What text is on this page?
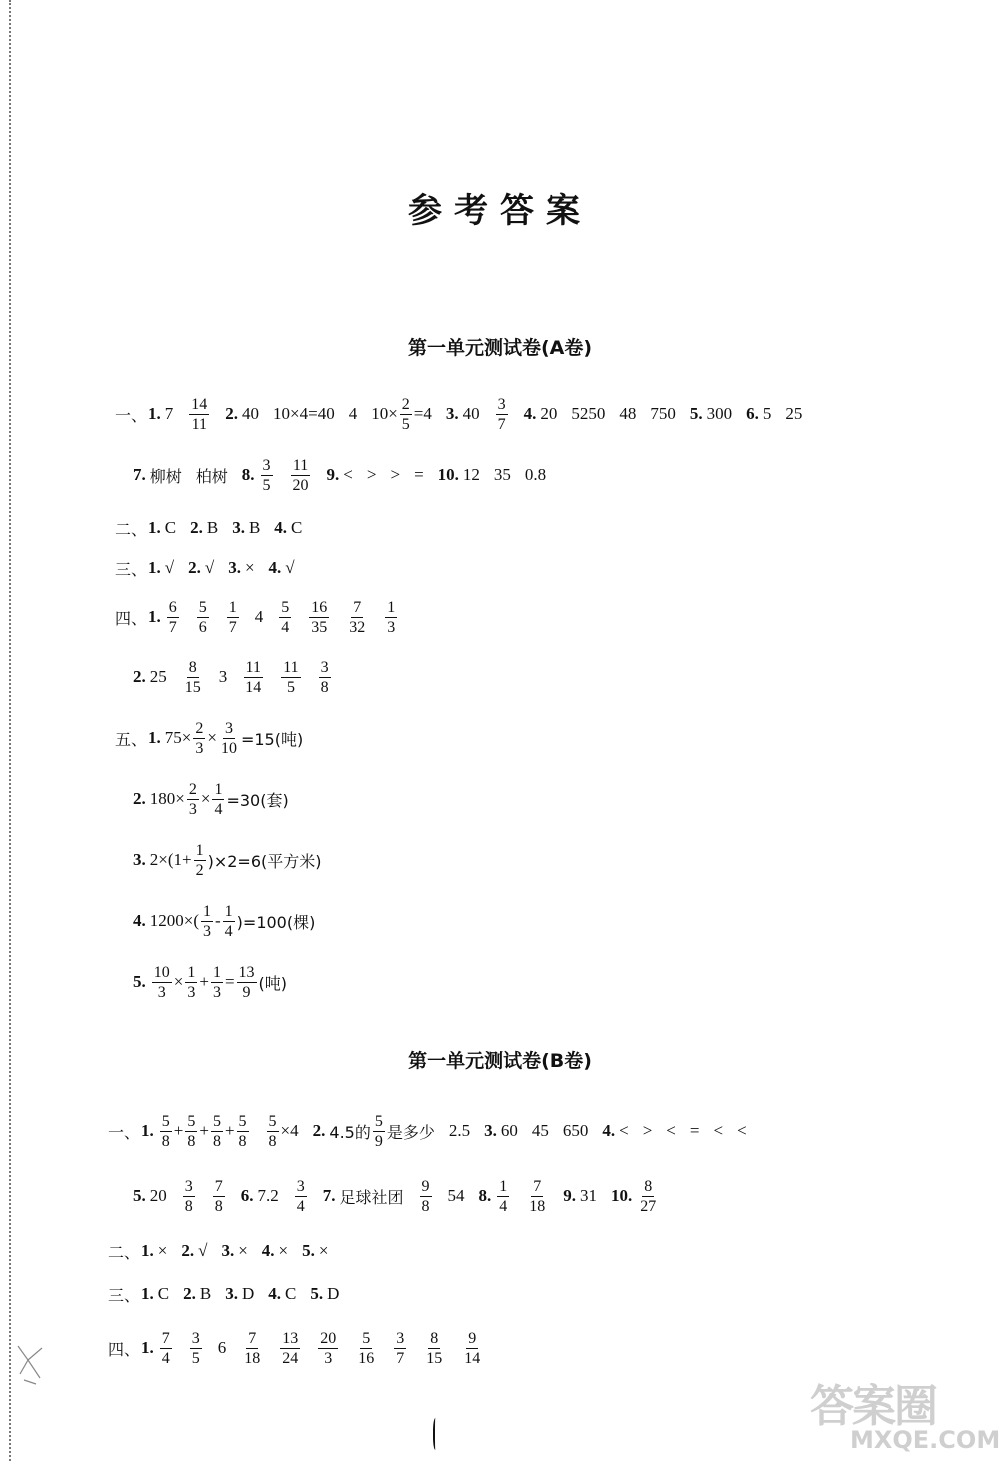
参考答案
第一单元测试卷(A卷)
一、 1. $7 \frac{14}{11} 2$. 40 10×4=40 4 $10\times \frac{2}{5} =4$ 3. $40 \frac{3}{7} 4$. 20 5250 48 750 5. 300 6. 5 25
7. 柳树 柏树 8. $\frac{3}{5} \frac{11}{20} 9$. < > > = 10. 12 35 0.8
二、 1. C 2. B 3. B 4. C
三、 1. √ 2. √ 3. × 4. √
四、 1. $\frac{6}{7} \frac{5}{6} \frac{1}{7} 4 \frac{5}{4} \frac{16}{35} \frac{7}{32} \frac{1}{3}$
2. $25 \frac{8}{15} 3 \frac{11}{14} \frac{11}{5} \frac{3}{8}$
五、 1. $75\times \frac{2}{3} \times \frac{3}{10} =15$(吨)
2. $180\times \frac{2}{3} \times \frac{1}{4} =30$(套)
3. $2\times(1+ \frac{1}{2} )\times 2=6$(平方米)
4. $1200\times( \frac{1}{3} - \frac{1}{4} )=100$(棵)
5. $\frac{10}{3} \times \frac{1}{3} + \frac{1}{3} = \frac{13}{9}$ (吨)
第一单元测试卷(B卷)
一、 1. $\frac{5}{8} + \frac{5}{8} + \frac{5}{8} + \frac{5}{8} \frac{5}{8} \times 4$ 2. 4.5的 $\frac{5}{9}$ 是多少 2.5 3. 60 45 650 4. < > < = < <
5. $20 \frac{3}{8} \frac{7}{8} 6$. $7.2 \frac{3}{4} 7$. 足球社团 $\frac{9}{8} 54$ 8. $\frac{1}{4} \frac{7}{18} 9$. 31 10. $\frac{8}{27}$
二、 1. × 2. √ 3. × 4. × 5. ×
三、 1. C 2. B 3. D 4. C 5. D
四、 1. $\frac{7}{4} \frac{3}{5} 6 \frac{7}{18} \frac{13}{24} \frac{20}{3} \frac{5}{16} \frac{3}{7} \frac{8}{15} \frac{9}{14}$
答案圈
MXQE.COM
